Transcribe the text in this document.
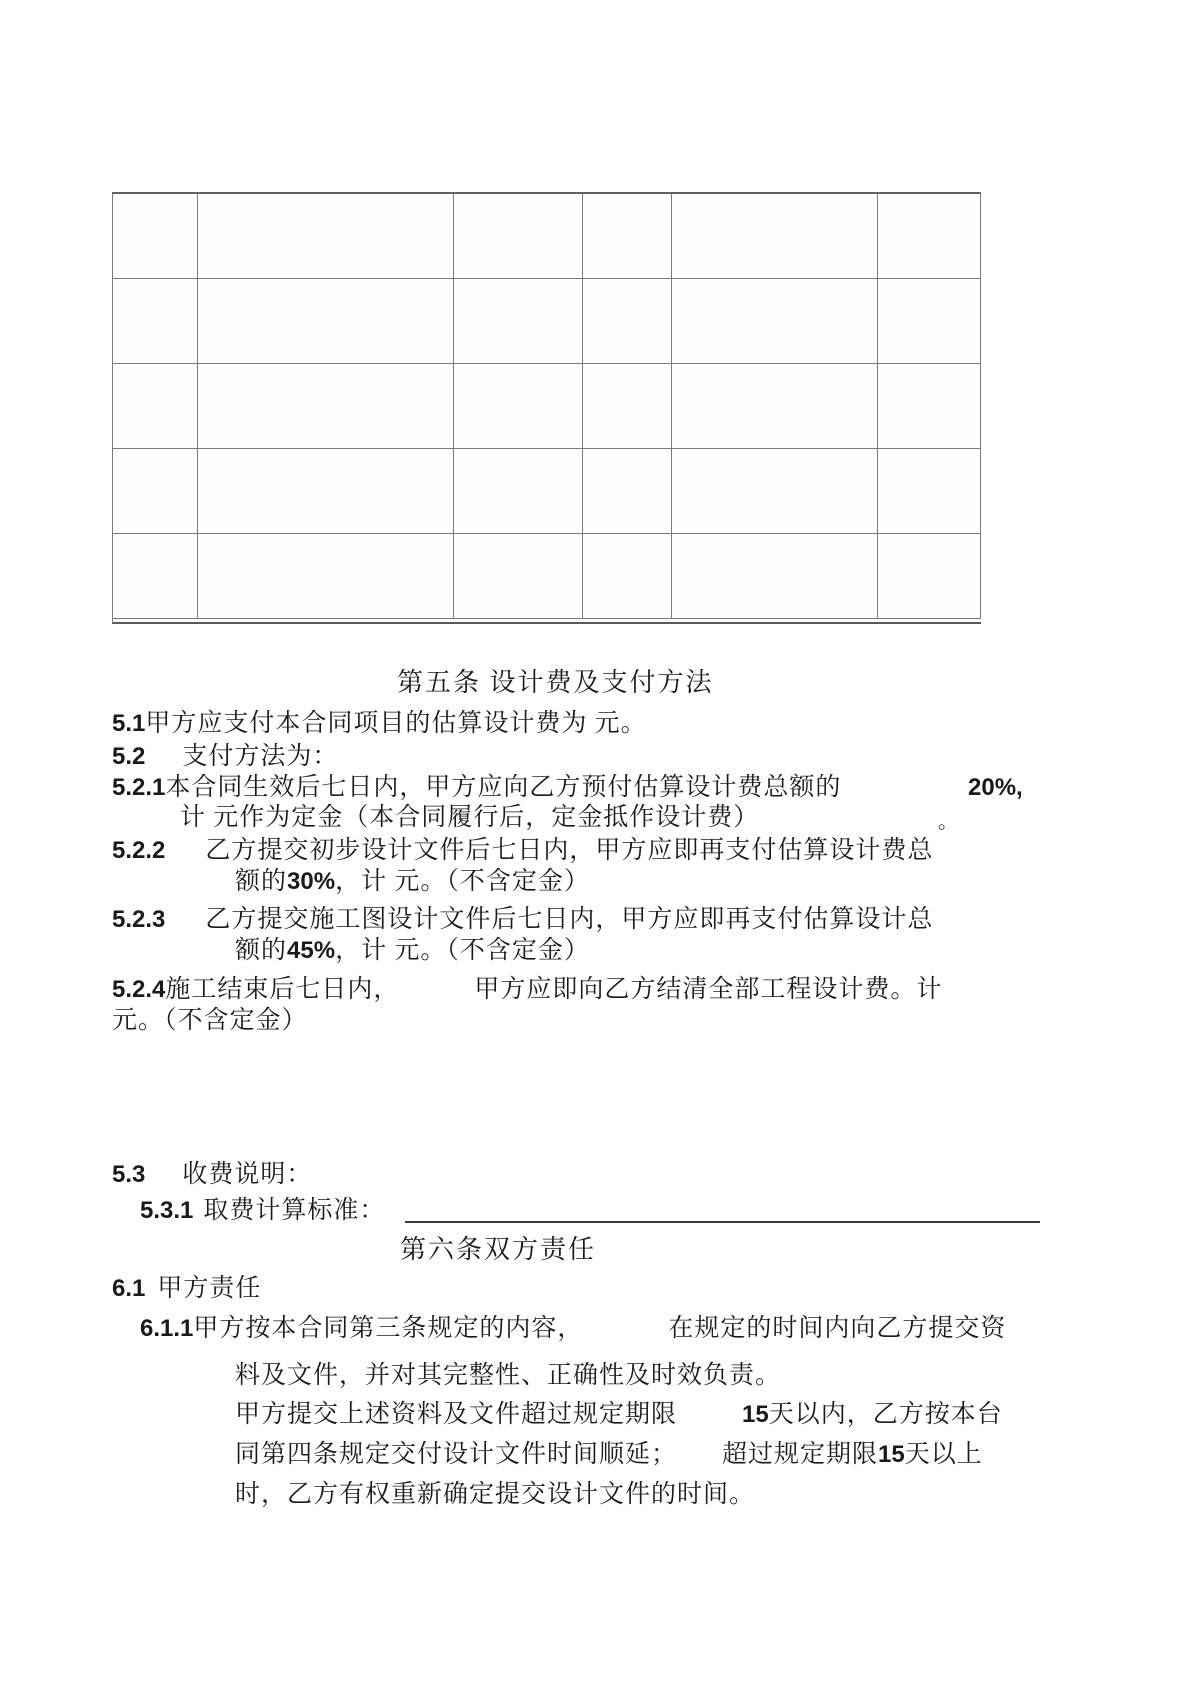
第五条 设计费及支付方法
5.1甲方应支付本合同项目的估算设计费为 元。
5.2 支付方法为：
5.2.1本合同生效后七日内，甲方应向乙方预付估算设计费总额的	20%,
计 元作为定金（本合同履行后，定金抵作设计费）	。
5.2.2 乙方提交初步设计文件后七日内，甲方应即再支付估算设计费总
额的30%，计 元。（不含定金）
5.2.3 乙方提交施工图设计文件后七日内，甲方应即再支付估算设计总
额的45%，计 元。（不含定金）
5.2.4施工结束后七日内，	甲方应即向乙方结清全部工程设计费。计
元。（不含定金）
5.3 收费说明：
5.3.1 取费计算标准：
第六条双方责任
6.1 甲方责任
6.1.1甲方按本合同第三条规定的内容，	在规定的时间内向乙方提交资
料及文件，并对其完整性、正确性及时效负责。
甲方提交上述资料及文件超过规定期限	15天以内，乙方按本台
同第四条规定交付设计文件时间顺延； 超过规定期限15天以上
时，乙方有权重新确定提交设计文件的时间。
